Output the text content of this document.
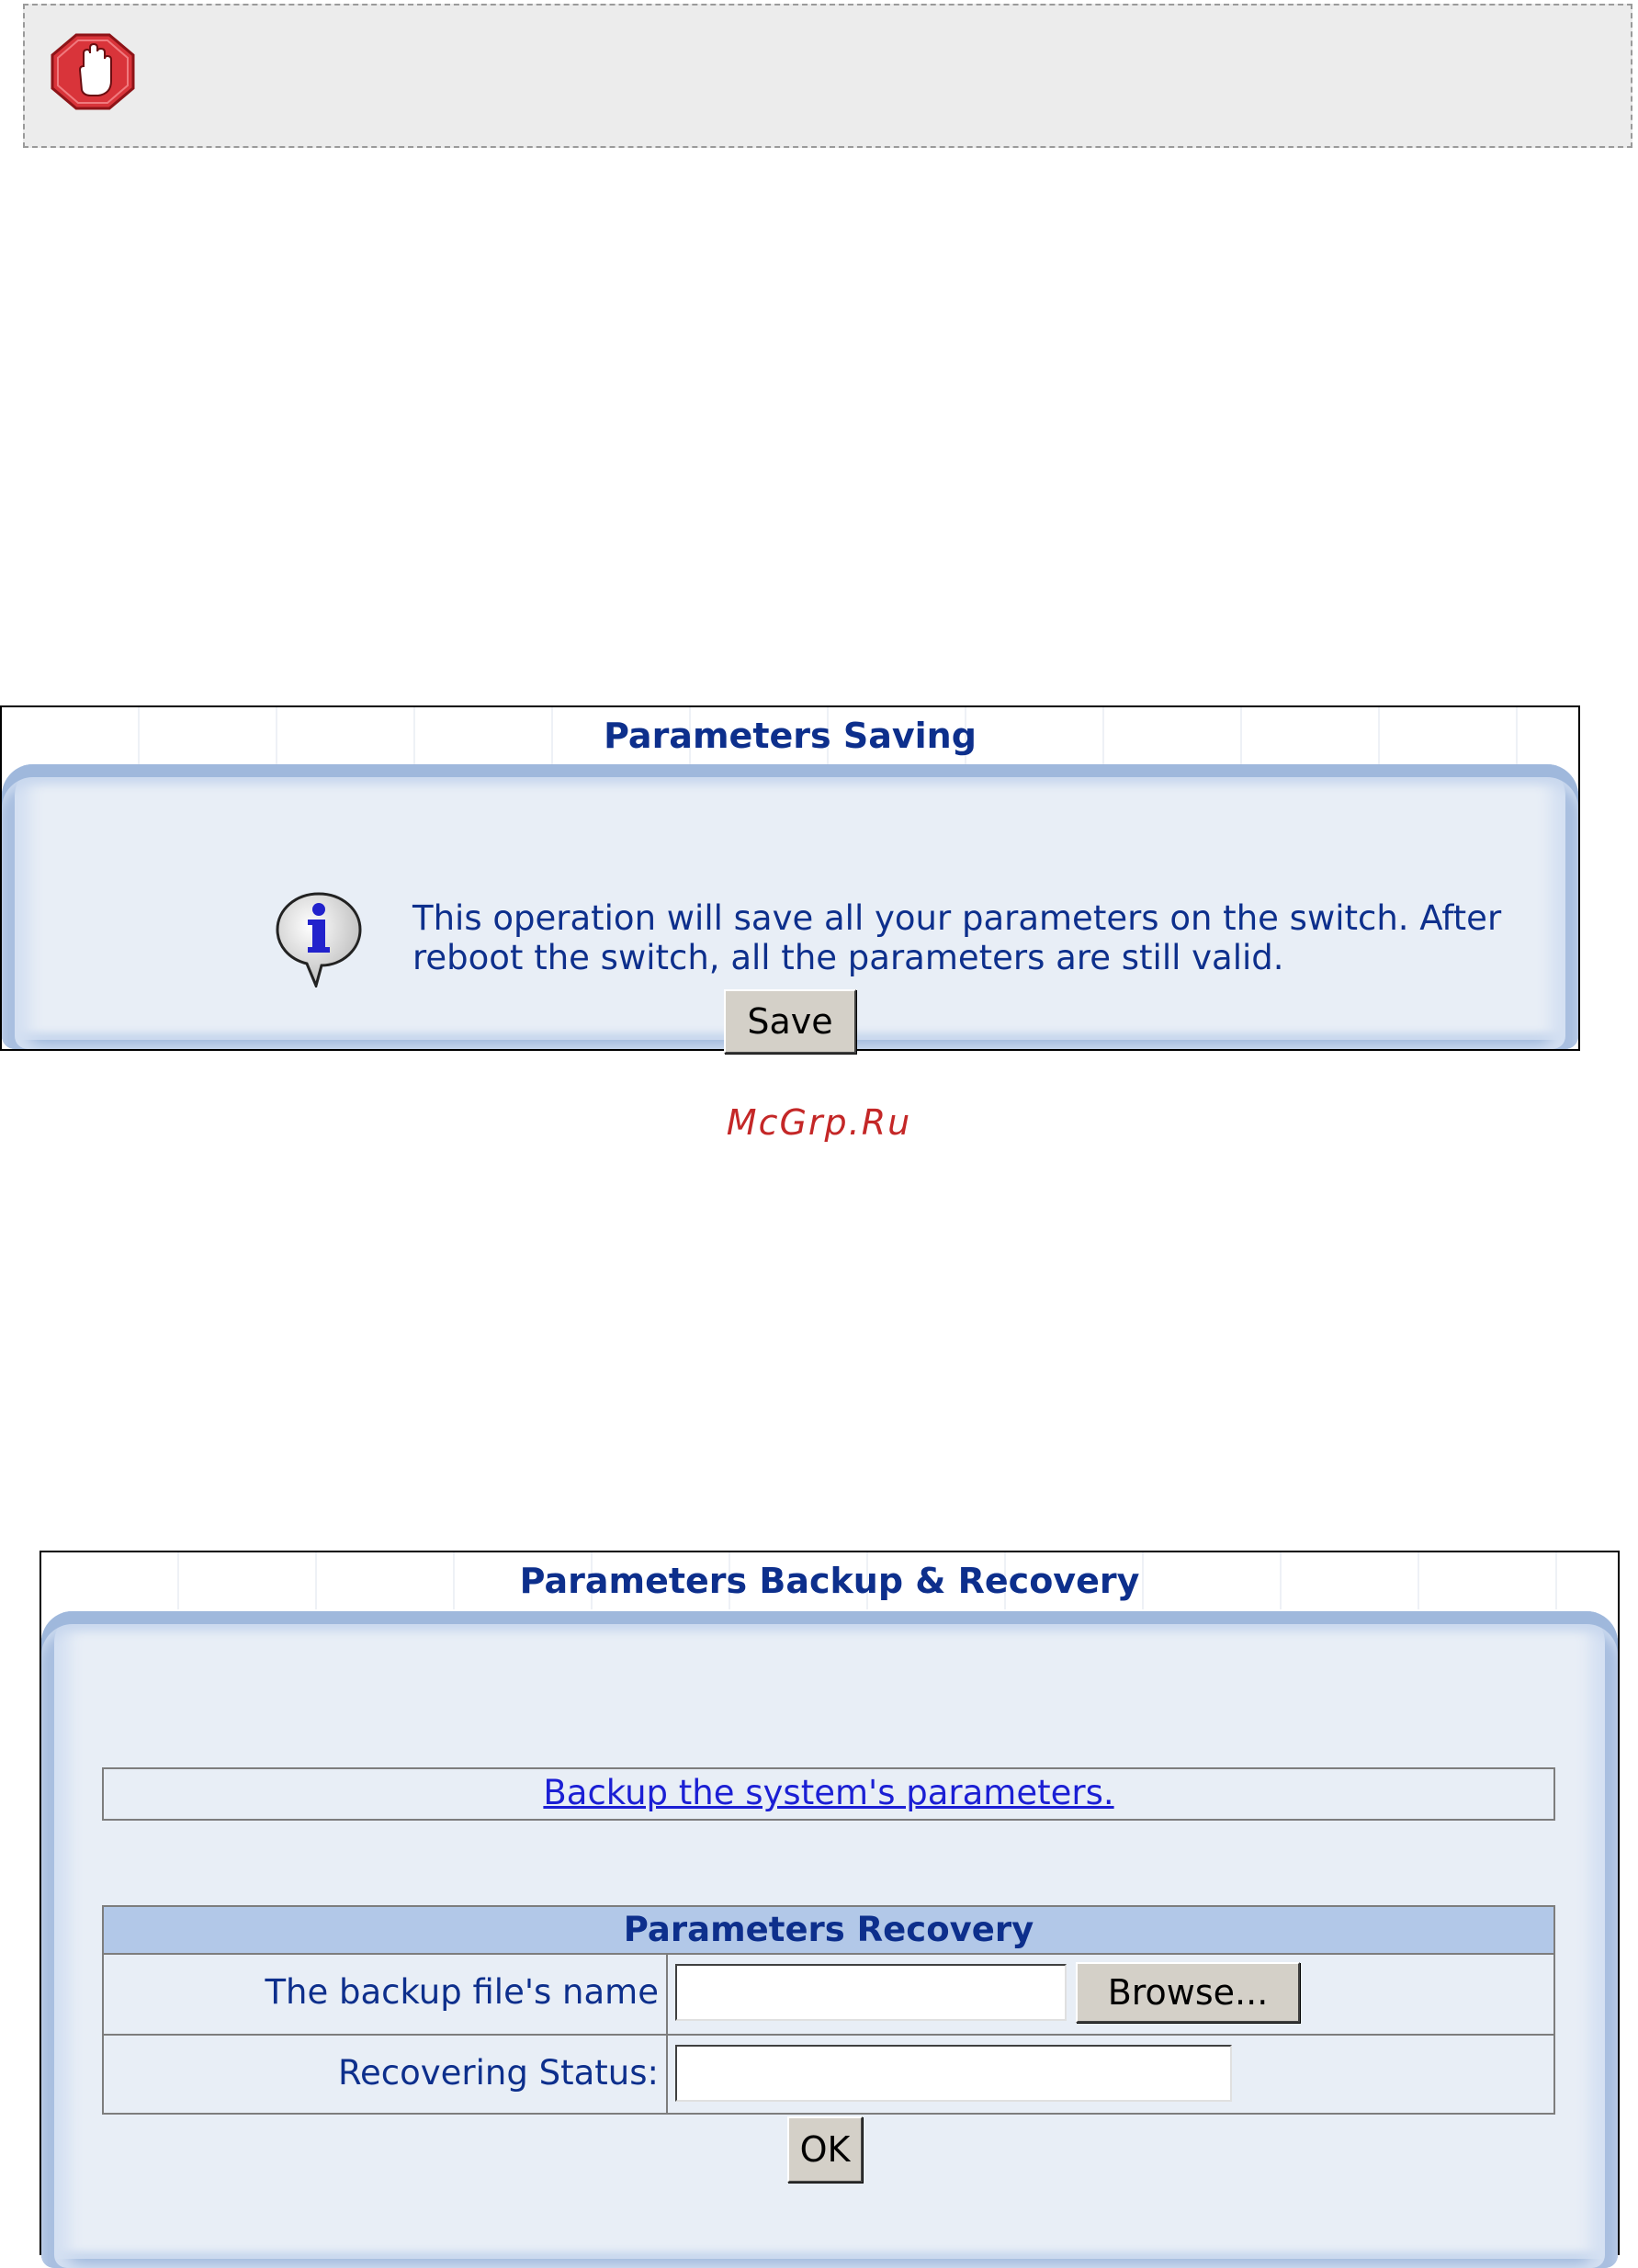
Parameters Saving
This operation will save all your parameters on the switch. After reboot the switch, all the parameters are still valid.
Save
McGrp.Ru
Parameters Backup & Recovery
Backup the system's parameters.
Parameters Recovery
The backup file's name	Browse...
Recovering Status:
OK
